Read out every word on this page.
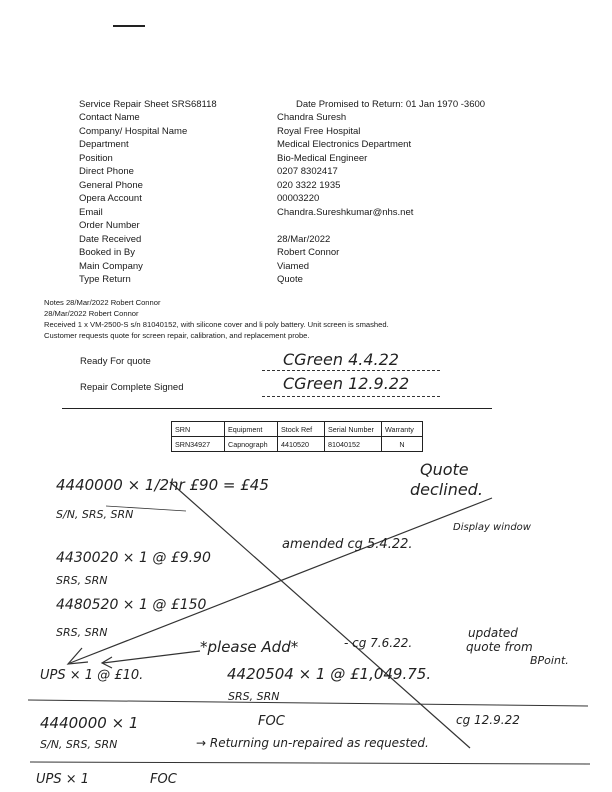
Service Repair Sheet SRS68118	Date Promised to Return: 01 Jan 1970 -3600
Contact Name	Chandra Suresh
Company/ Hospital Name	Royal Free Hospital
Department	Medical Electronics Department
Position	Bio-Medical Engineer
Direct Phone	0207 8302417
General Phone	020 3322 1935
Opera Account	00003220
Email	Chandra.Sureshkumar@nhs.net
Order Number
Date Received	28/Mar/2022
Booked in By	Robert Connor
Main Company	Viamed
Type Return	Quote
Notes 28/Mar/2022 Robert Connor
28/Mar/2022 Robert Connor
Received 1 x VM-2500-S s/n 81040152, with silicone cover and li poly battery. Unit screen is smashed.
Customer requests quote for screen repair, calibration, and replacement probe.
Ready For quote	CGreen 4.4.22
Repair Complete Signed	CGreen 12.9.22
SRN	Equipment	Stock Ref	Serial Number	Warranty
SRN34927	Capnograph	4410520	81040152	N
4440000 × 1/2hr £90 = £45
S/N, SRS, SRN
Quote
declined.
4430020 × 1 @ £9.90
amended cg 5.4.22.
Display window
SRS, SRN
4480520 × 1 @ £150
SRS, SRN
*please Add*	- cg 7.6.22.
updated
quote from
BPoint.
UPS × 1 @ £10.	4420504 × 1 @ £1,049.75.
SRS, SRN
4440000 × 1	FOC	cg 12.9.22
S/N, SRS, SRN	→ Returning un-repaired as requested.
UPS × 1	FOC
